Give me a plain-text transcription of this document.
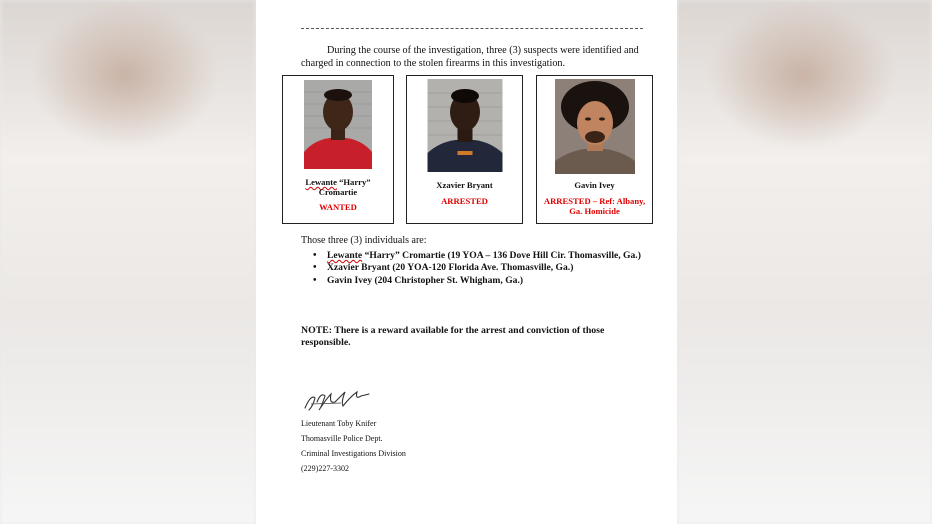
During the course of the investigation, three (3) suspects were identified and charged in connection to the stolen firearms in this investigation.

Lewante “Harry”
Cromartie
WANTED
Xzavier Bryant
ARRESTED
Gavin Ivey
ARRESTED – Ref: Albany, Ga. Homicide
Those three (3) individuals are:
• Lewante “Harry” Cromartie (19 YOA – 136 Dove Hill Cir. Thomasville, Ga.)
• Xzavier Bryant (20 YOA-120 Florida Ave. Thomasville, Ga.)
• Gavin Ivey (204 Christopher St. Whigham, Ga.)
NOTE: There is a reward available for the arrest and conviction of those responsible.
Lieutenant Toby Knifer
Thomasville Police Dept.
Criminal Investigations Division
(229)227-3302
